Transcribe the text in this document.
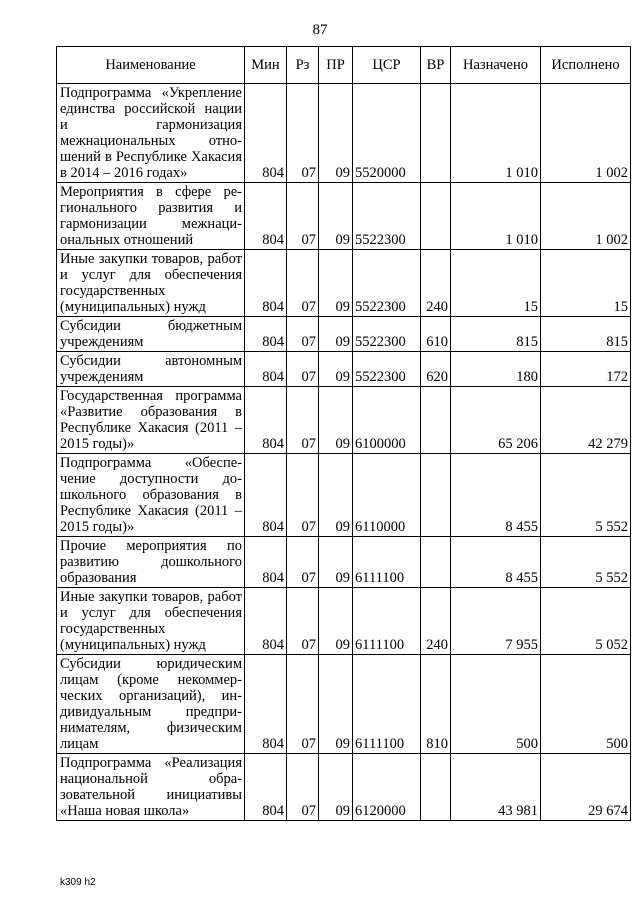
87
Наименование	Мин	Рз	ПР	ЦСР	ВР	Назначено	Исполнено
Подпрограмма «Укрепление единства российской нации и гармонизация межнациональных отношений в Республике Хакасия в 2014 – 2016 годах»	804	07	09	5520000		1 010	1 002
Мероприятия в сфере регионального развития и гармонизации межнациональных отношений	804	07	09	5522300		1 010	1 002
Иные закупки товаров, работ и услуг для обеспечения государственных (муниципальных) нужд	804	07	09	5522300	240	15	15
Субсидии бюджетным учреждениям	804	07	09	5522300	610	815	815
Субсидии автономным учреждениям	804	07	09	5522300	620	180	172
Государственная программа «Развитие образования в Республике Хакасия (2011 – 2015 годы)»	804	07	09	6100000		65 206	42 279
Подпрограмма «Обеспечение доступности дошкольного образования в Республике Хакасия (2011 – 2015 годы)»	804	07	09	6110000		8 455	5 552
Прочие мероприятия по развитию дошкольного образования	804	07	09	6111100		8 455	5 552
Иные закупки товаров, работ и услуг для обеспечения государственных (муниципальных) нужд	804	07	09	6111100	240	7 955	5 052
Субсидии юридическим лицам (кроме некоммерческих организаций), индивидуальным предпринимателям, физическим лицам	804	07	09	6111100	810	500	500
Подпрограмма «Реализация национальной образовательной инициативы «Наша новая школа»	804	07	09	6120000		43 981	29 674
k309 h2
